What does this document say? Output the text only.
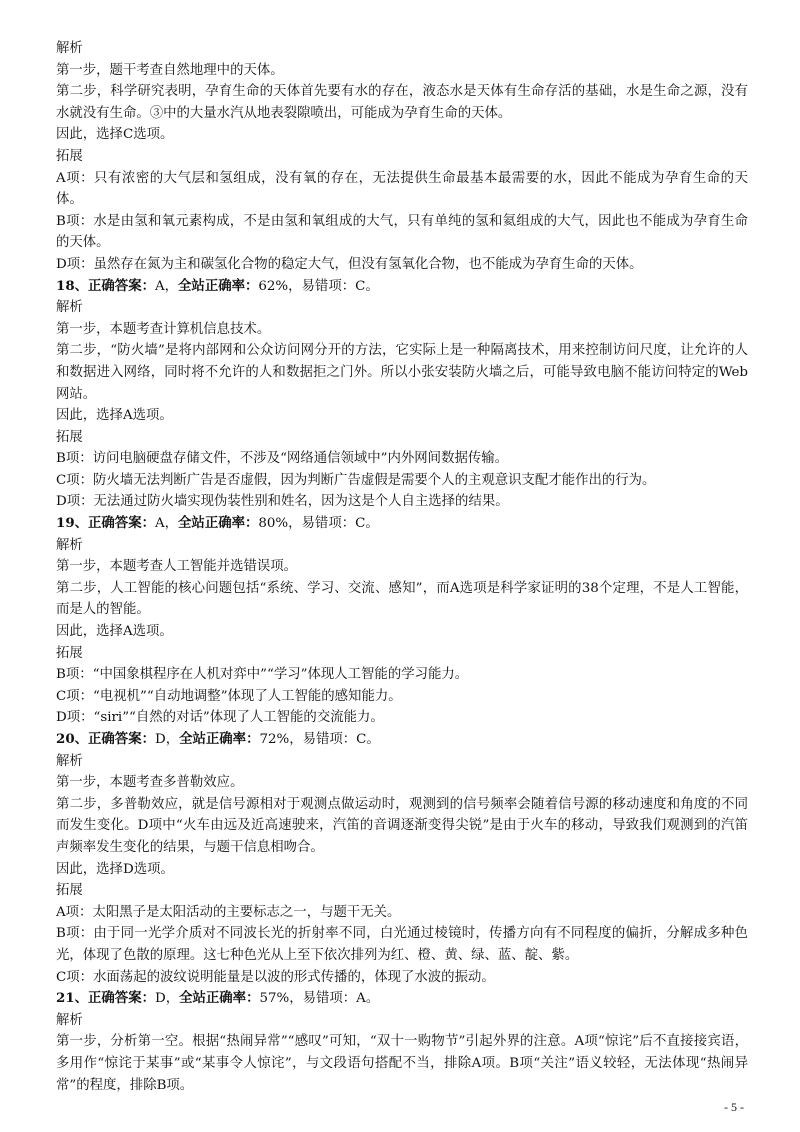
解析

第一步，题干考查自然地理中的天体。

第二步，科学研究表明，孕育生命的天体首先要有水的存在，液态水是天体有生命存活的基础，水是生命之源，没有水就没有生命。③中的大量水汽从地表裂隙喷出，可能成为孕育生命的天体。

因此，选择C选项。

拓展

A项：只有浓密的大气层和氢组成，没有氧的存在，无法提供生命最基本最需要的水，因此不能成为孕育生命的天体。

B项：水是由氢和氧元素构成，不是由氢和氧组成的大气，只有单纯的氢和氦组成的大气，因此也不能成为孕育生命的天体。

D项：虽然存在氮为主和碳氢化合物的稳定大气，但没有氢氧化合物，也不能成为孕育生命的天体。

18、正确答案：A，全站正确率：62%，易错项：C。

解析

第一步，本题考查计算机信息技术。

第二步，“防火墙”是将内部网和公众访问网分开的方法，它实际上是一种隔离技术，用来控制访问尺度，让允许的人和数据进入网络，同时将不允许的人和数据拒之门外。所以小张安装防火墙之后，可能导致电脑不能访问特定的Web网站。

因此，选择A选项。

拓展

B项：访问电脑硬盘存储文件，不涉及“网络通信领域中”内外网间数据传输。

C项：防火墙无法判断广告是否虚假，因为判断广告虚假是需要个人的主观意识支配才能作出的行为。

D项：无法通过防火墙实现伪装性别和姓名，因为这是个人自主选择的结果。

19、正确答案：A，全站正确率：80%，易错项：C。

解析

第一步，本题考查人工智能并选错误项。

第二步，人工智能的核心问题包括“系统、学习、交流、感知”，而A选项是科学家证明的38个定理，不是人工智能，而是人的智能。

因此，选择A选项。

拓展

B项：“中国象棋程序在人机对弈中”“学习”体现人工智能的学习能力。

C项：“电视机”“自动地调整”体现了人工智能的感知能力。

D项：“siri”“自然的对话”体现了人工智能的交流能力。

20、正确答案：D，全站正确率：72%，易错项：C。

解析

第一步，本题考查多普勒效应。

第二步，多普勒效应，就是信号源相对于观测点做运动时，观测到的信号频率会随着信号源的移动速度和角度的不同而发生变化。D项中“火车由远及近高速驶来，汽笛的音调逐渐变得尖锐”是由于火车的移动，导致我们观测到的汽笛声频率发生变化的结果，与题干信息相吻合。

因此，选择D选项。

拓展

A项：太阳黑子是太阳活动的主要标志之一，与题干无关。

B项：由于同一光学介质对不同波长光的折射率不同，白光通过棱镜时，传播方向有不同程度的偏折，分解成多种色光，体现了色散的原理。这七种色光从上至下依次排列为红、橙、黄、绿、蓝、靛、紫。

C项：水面荡起的波纹说明能量是以波的形式传播的，体现了水波的振动。

21、正确答案：D，全站正确率：57%，易错项：A。

解析

第一步，分析第一空。根据“热闹异常”“感叹”可知，“双十一购物节”引起外界的注意。A项“惊诧”后不直接接宾语，多用作“惊诧于某事”或“某事令人惊诧”，与文段语句搭配不当，排除A项。B项“关注”语义较轻，无法体现“热闹异常”的程度，排除B项。

- 5 -
